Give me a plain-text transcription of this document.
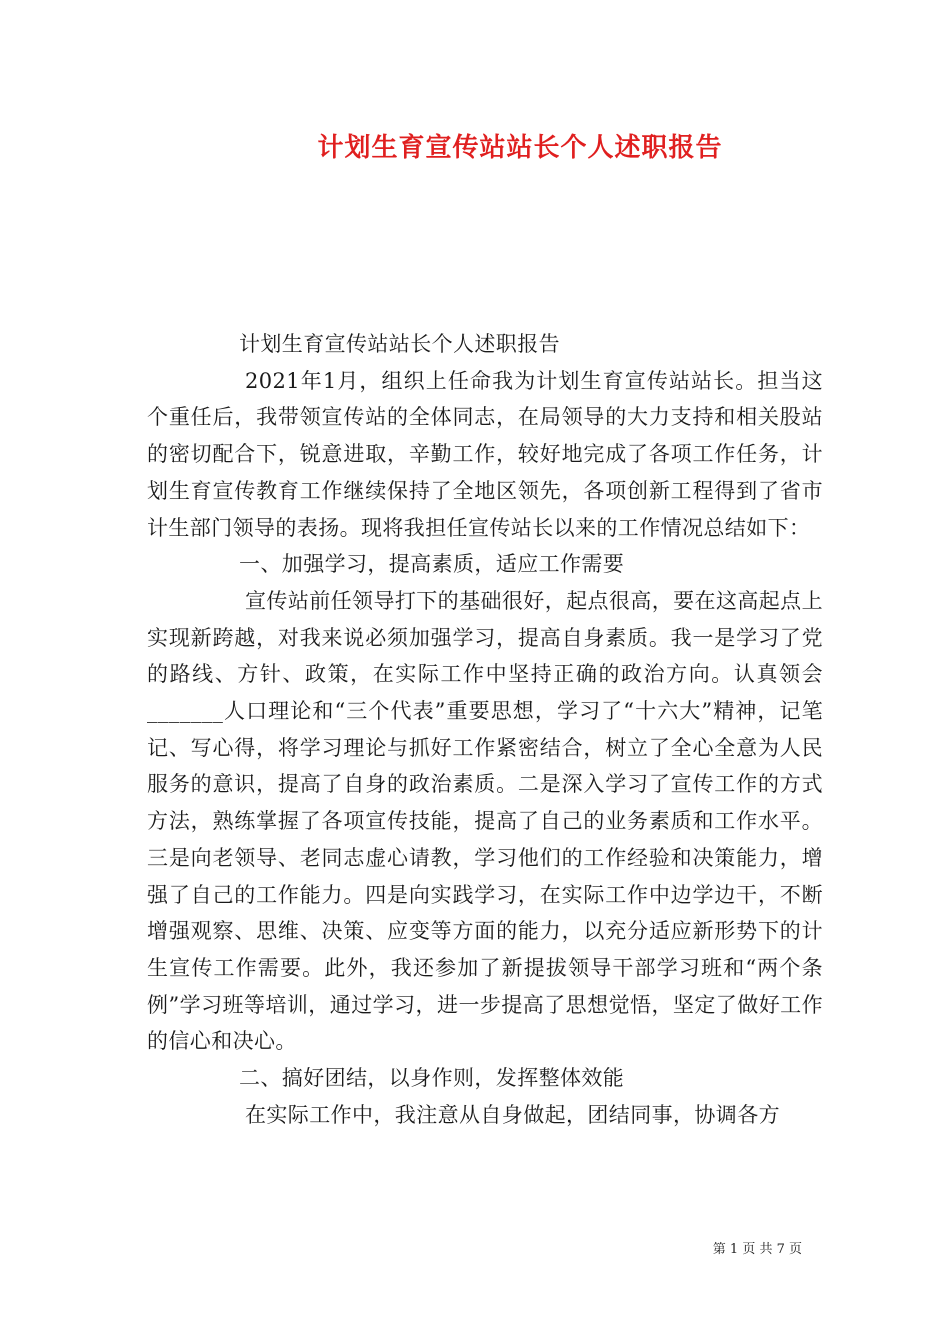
计划生育宣传站站长个人述职报告

计划生育宣传站站长个人述职报告

2021年1月，组织上任命我为计划生育宣传站站长。担当这个重任后，我带领宣传站的全体同志，在局领导的大力支持和相关股站的密切配合下，锐意进取，辛勤工作，较好地完成了各项工作任务，计划生育宣传教育工作继续保持了全地区领先，各项创新工程得到了省市计生部门领导的表扬。现将我担任宣传站长以来的工作情况总结如下：

一、加强学习，提高素质，适应工作需要

宣传站前任领导打下的基础很好，起点很高，要在这高起点上实现新跨越，对我来说必须加强学习，提高自身素质。我一是学习了党的路线、方针、政策，在实际工作中坚持正确的政治方向。认真领会_______人口理论和“三个代表”重要思想，学习了“十六大”精神，记笔记、写心得，将学习理论与抓好工作紧密结合，树立了全心全意为人民服务的意识，提高了自身的政治素质。二是深入学习了宣传工作的方式方法，熟练掌握了各项宣传技能，提高了自己的业务素质和工作水平。三是向老领导、老同志虚心请教，学习他们的工作经验和决策能力，增强了自己的工作能力。四是向实践学习，在实际工作中边学边干，不断增强观察、思维、决策、应变等方面的能力，以充分适应新形势下的计生宣传工作需要。此外，我还参加了新提拔领导干部学习班和“两个条例”学习班等培训，通过学习，进一步提高了思想觉悟，坚定了做好工作的信心和决心。

二、搞好团结，以身作则，发挥整体效能

在实际工作中，我注意从自身做起，团结同事，协调各方

第 1 页 共 7 页
